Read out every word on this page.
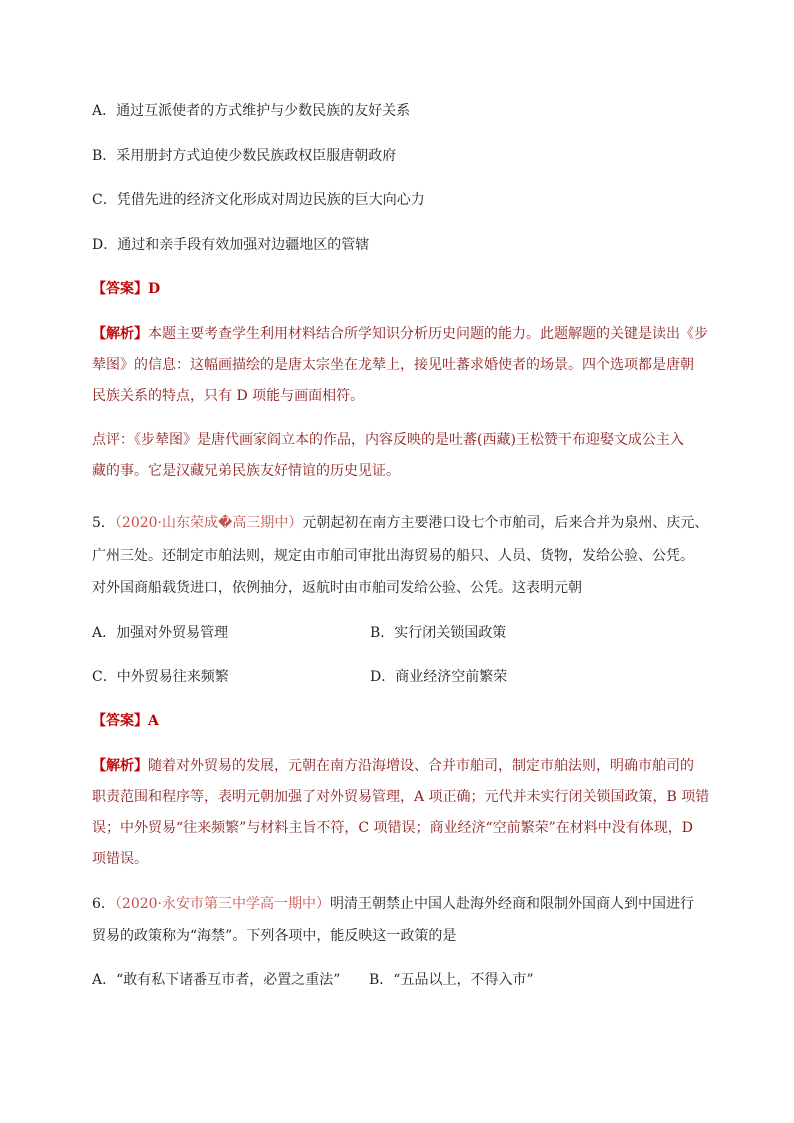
A．通过互派使者的方式维护与少数民族的友好关系
B．采用册封方式迫使少数民族政权臣服唐朝政府
C．凭借先进的经济文化形成对周边民族的巨大向心力
D．通过和亲手段有效加强对边疆地区的管辖
【答案】D
【解析】本题主要考查学生利用材料结合所学知识分析历史问题的能力。此题解题的关键是读出《步
辇图》的信息：这幅画描绘的是唐太宗坐在龙辇上，接见吐蕃求婚使者的场景。四个选项都是唐朝
民族关系的特点，只有 D 项能与画面相符。
点评：《步辇图》是唐代画家阎立本的作品，内容反映的是吐蕃(西藏)王松赞干布迎娶文成公主入
藏的事。它是汉藏兄弟民族友好情谊的历史见证。
5．（2020·山东荣成�高三期中）元朝起初在南方主要港口设七个市舶司，后来合并为泉州、庆元、
广州三处。还制定市舶法则，规定由市舶司审批出海贸易的船只、人员、货物，发给公验、公凭。
对外国商船载货进口，依例抽分，返航时由市舶司发给公验、公凭。这表明元朝
A．加强对外贸易管理	B．实行闭关锁国政策
C．中外贸易往来频繁	D．商业经济空前繁荣
【答案】A
【解析】随着对外贸易的发展，元朝在南方沿海增设、合并市舶司，制定市舶法则，明确市舶司的
职责范围和程序等，表明元朝加强了对外贸易管理，A 项正确；元代并未实行闭关锁国政策，B 项错
误；中外贸易“往来频繁”与材料主旨不符，C 项错误；商业经济“空前繁荣”在材料中没有体现，D
项错误。
6．（2020·永安市第三中学高一期中）明清王朝禁止中国人赴海外经商和限制外国商人到中国进行
贸易的政策称为“海禁”。下列各项中，能反映这一政策的是
A．“敢有私下诸番互市者，必置之重法” B．“五品以上，不得入市”
